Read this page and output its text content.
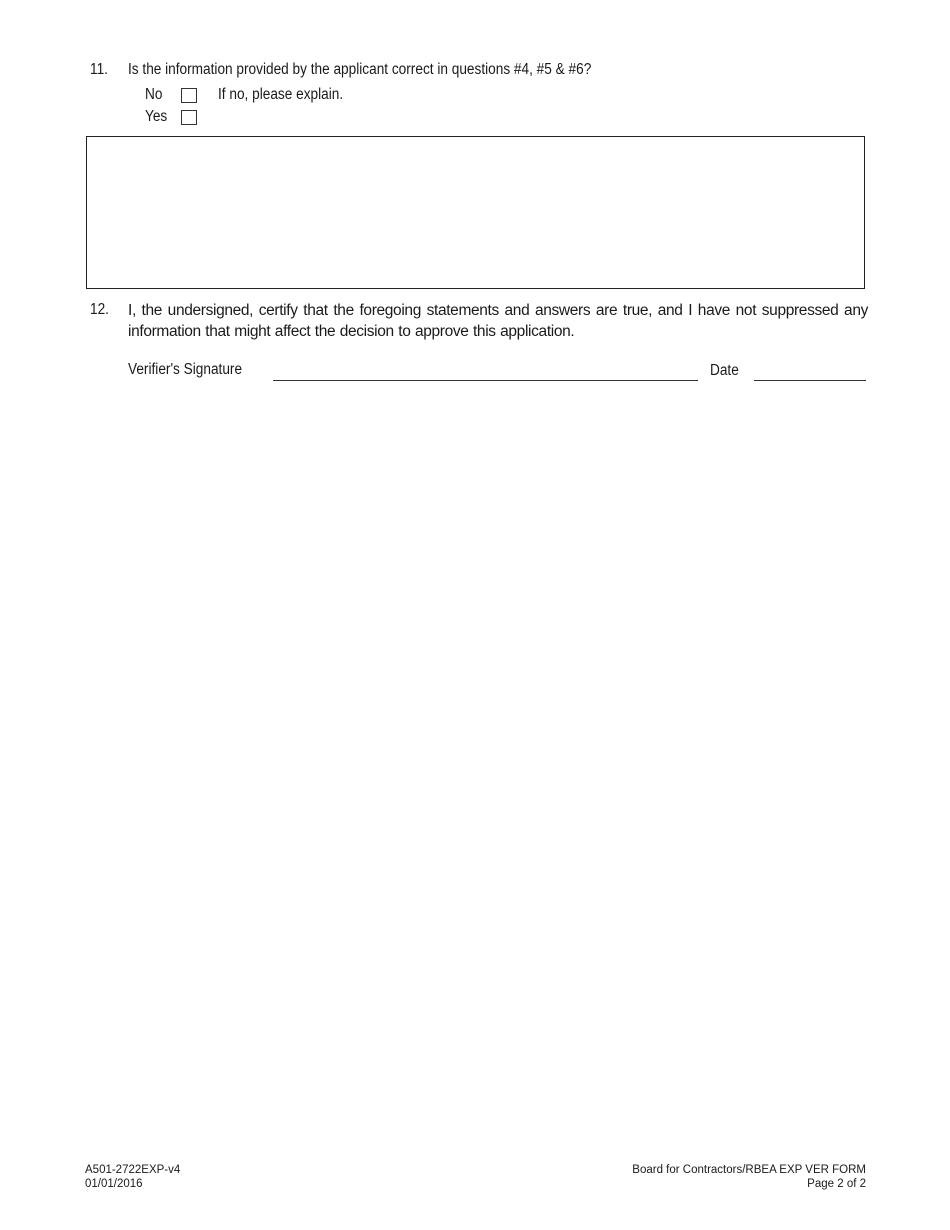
11. Is the information provided by the applicant correct in questions #4, #5 & #6?
No	If no, please explain.
Yes
12. I, the undersigned, certify that the foregoing statements and answers are true, and I have not suppressed any information that might affect the decision to approve this application.
Verifier's Signature	Date
A501-2722EXP-v4
01/01/2016
Board for Contractors/RBEA EXP VER FORM
Page 2 of 2
